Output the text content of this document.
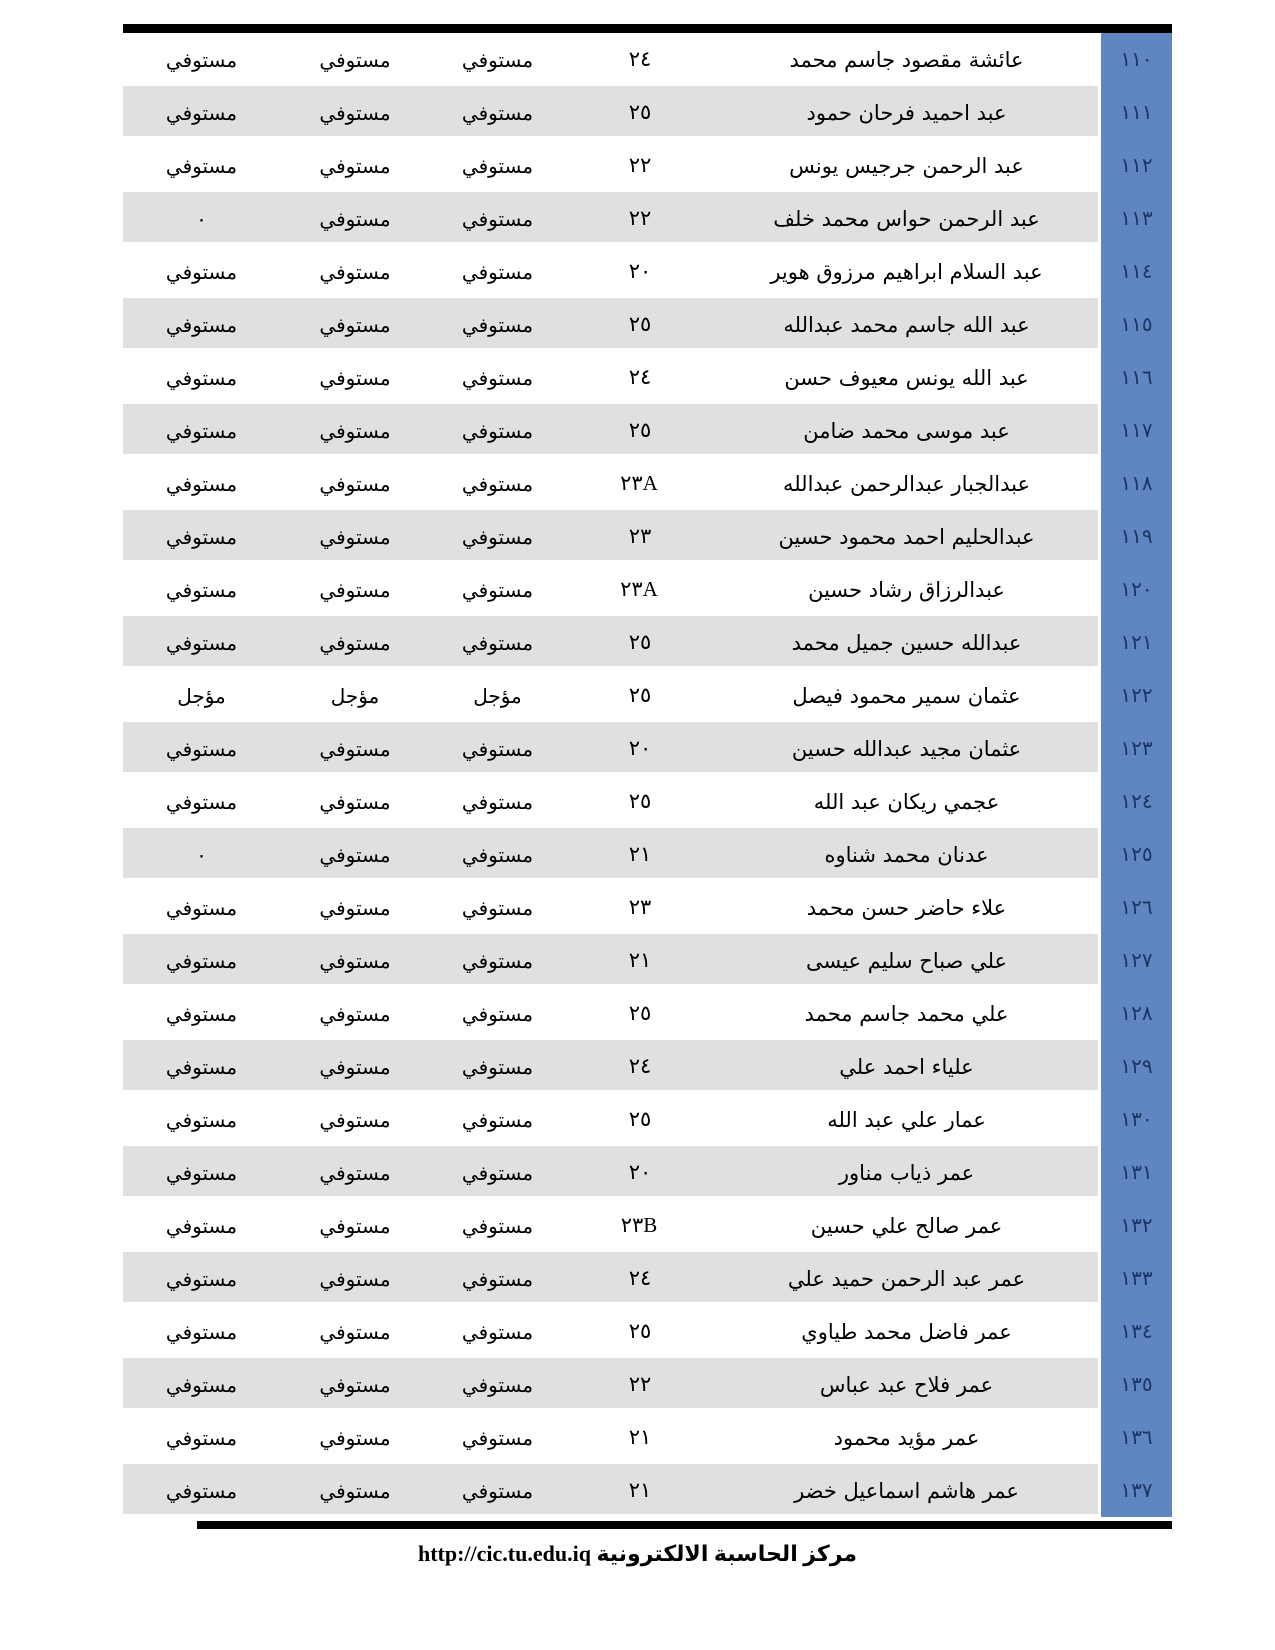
١١٠
عائشة مقصود جاسم محمد
٢٤
مستوفي
مستوفي
مستوفي
١١١
عبد احميد فرحان حمود
٢٥
مستوفي
مستوفي
مستوفي
١١٢
عبد الرحمن جرجيس يونس
٢٢
مستوفي
مستوفي
مستوفي
١١٣
عبد الرحمن حواس محمد خلف
٢٢
مستوفي
مستوفي
٠
١١٤
عبد السلام ابراهيم مرزوق هوير
٢٠
مستوفي
مستوفي
مستوفي
١١٥
عبد الله جاسم محمد عبدالله
٢٥
مستوفي
مستوفي
مستوفي
١١٦
عبد الله يونس معيوف حسن
٢٤
مستوفي
مستوفي
مستوفي
١١٧
عبد موسى محمد ضامن
٢٥
مستوفي
مستوفي
مستوفي
١١٨
عبدالجبار عبدالرحمن عبدالله
٢٣A
مستوفي
مستوفي
مستوفي
١١٩
عبدالحليم احمد محمود حسين
٢٣
مستوفي
مستوفي
مستوفي
١٢٠
عبدالرزاق رشاد حسين
٢٣A
مستوفي
مستوفي
مستوفي
١٢١
عبدالله حسين جميل محمد
٢٥
مستوفي
مستوفي
مستوفي
١٢٢
عثمان سمير محمود فيصل
٢٥
مؤجل
مؤجل
مؤجل
١٢٣
عثمان مجيد عبدالله حسين
٢٠
مستوفي
مستوفي
مستوفي
١٢٤
عجمي ريكان عبد الله
٢٥
مستوفي
مستوفي
مستوفي
١٢٥
عدنان محمد شناوه
٢١
مستوفي
مستوفي
٠
١٢٦
علاء حاضر حسن محمد
٢٣
مستوفي
مستوفي
مستوفي
١٢٧
علي صباح سليم عيسى
٢١
مستوفي
مستوفي
مستوفي
١٢٨
علي محمد جاسم محمد
٢٥
مستوفي
مستوفي
مستوفي
١٢٩
علياء احمد علي
٢٤
مستوفي
مستوفي
مستوفي
١٣٠
عمار علي عبد الله
٢٥
مستوفي
مستوفي
مستوفي
١٣١
عمر ذياب مناور
٢٠
مستوفي
مستوفي
مستوفي
١٣٢
عمر صالح علي حسين
٢٣B
مستوفي
مستوفي
مستوفي
١٣٣
عمر عبد الرحمن حميد علي
٢٤
مستوفي
مستوفي
مستوفي
١٣٤
عمر فاضل محمد طياوي
٢٥
مستوفي
مستوفي
مستوفي
١٣٥
عمر فلاح عبد عباس
٢٢
مستوفي
مستوفي
مستوفي
١٣٦
عمر مؤيد محمود
٢١
مستوفي
مستوفي
مستوفي
١٣٧
عمر هاشم اسماعيل خضر
٢١
مستوفي
مستوفي
مستوفي
مركز الحاسبة الالكترونية http://cic.tu.edu.iq
